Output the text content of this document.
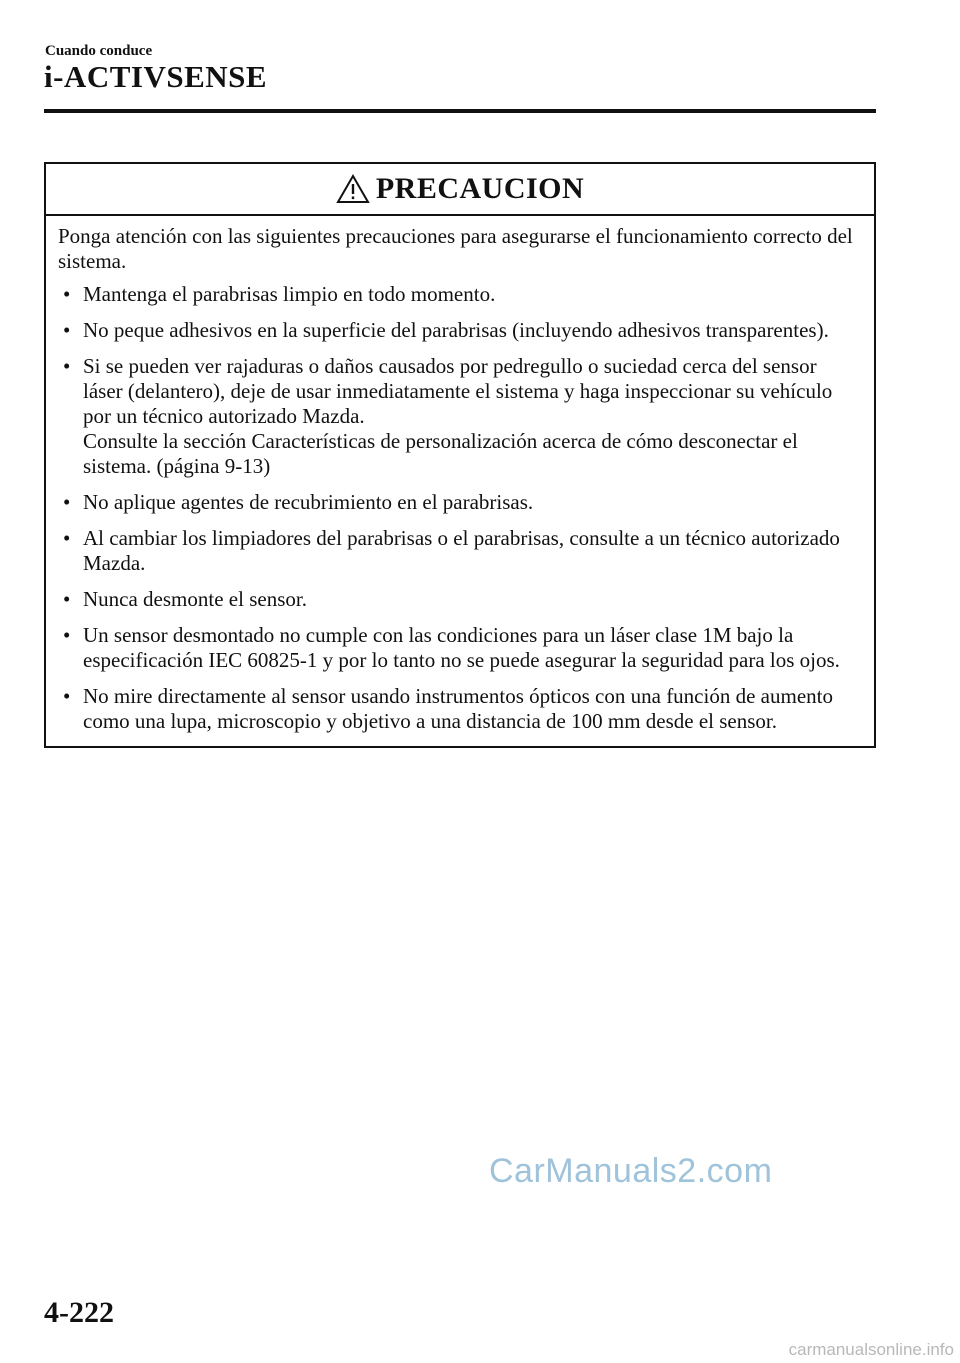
Cuando conduce
i-ACTIVSENSE
PRECAUCION

Ponga atención con las siguientes precauciones para asegurarse el funcionamiento correcto del sistema.

• Mantenga el parabrisas limpio en todo momento.
• No peque adhesivos en la superficie del parabrisas (incluyendo adhesivos transparentes).
• Si se pueden ver rajaduras o daños causados por pedregullo o suciedad cerca del sensor láser (delantero), deje de usar inmediatamente el sistema y haga inspeccionar su vehículo por un técnico autorizado Mazda.
Consulte la sección Características de personalización acerca de cómo desconectar el sistema. (página 9-13)
• No aplique agentes de recubrimiento en el parabrisas.
• Al cambiar los limpiadores del parabrisas o el parabrisas, consulte a un técnico autorizado Mazda.
• Nunca desmonte el sensor.
• Un sensor desmontado no cumple con las condiciones para un láser clase 1M bajo la especificación IEC 60825-1 y por lo tanto no se puede asegurar la seguridad para los ojos.
• No mire directamente al sensor usando instrumentos ópticos con una función de aumento como una lupa, microscopio y objetivo a una distancia de 100 mm desde el sensor.
CarManuals2.com
4-222
carmanualsonline.info
